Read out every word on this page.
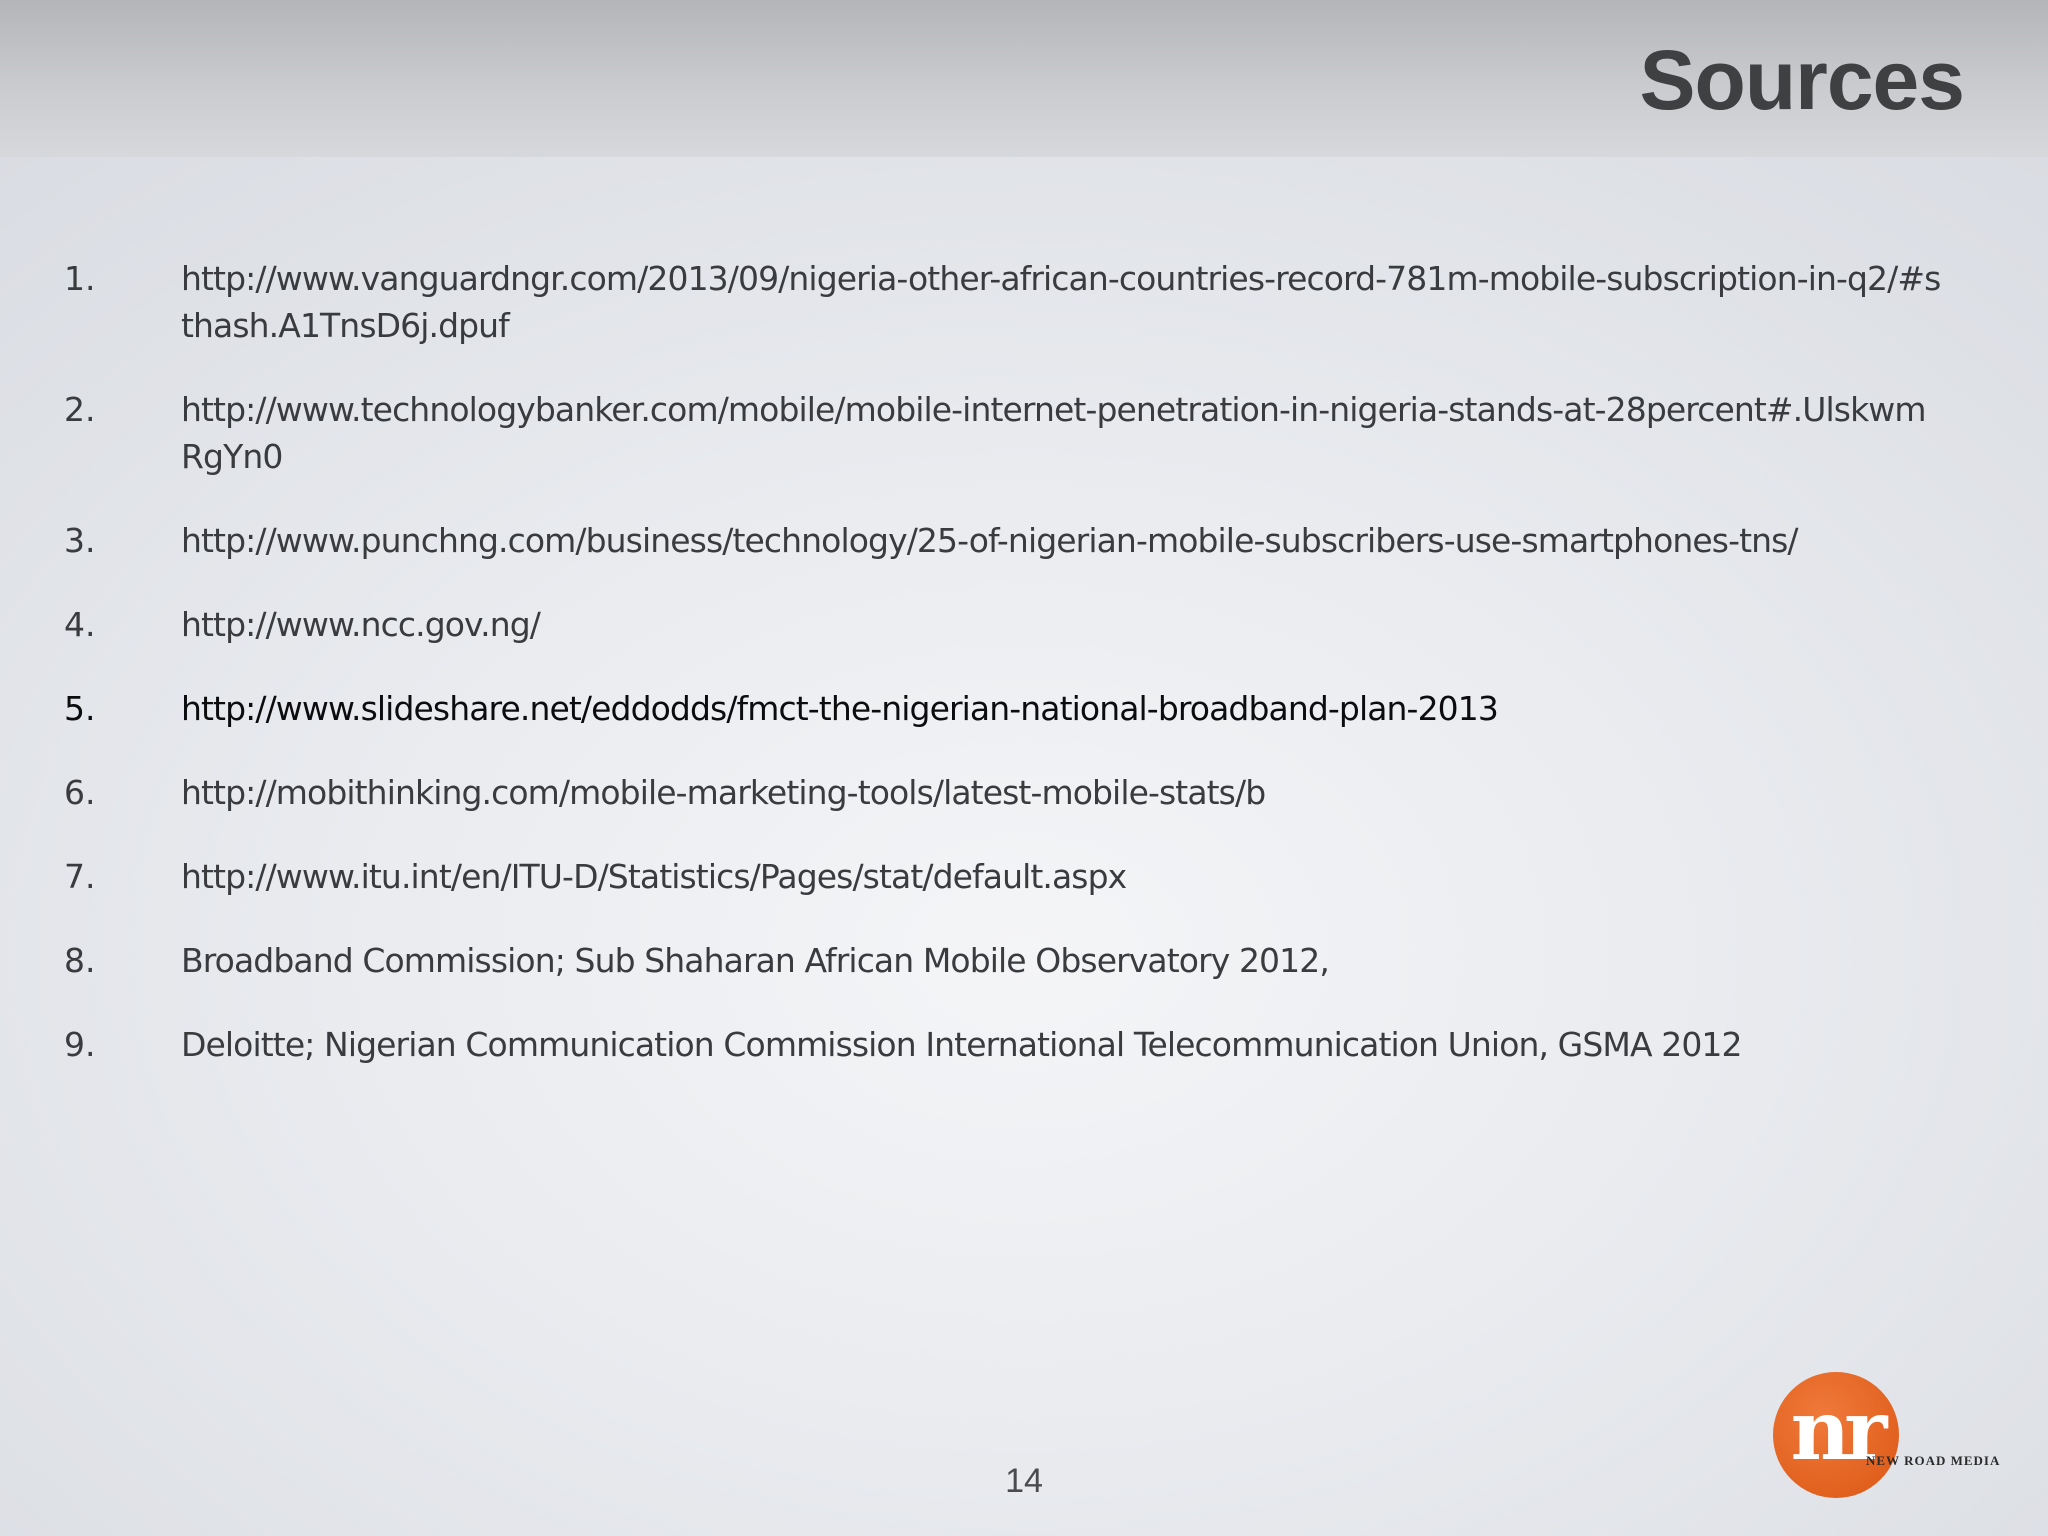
Sources
1.	http://www.vanguardngr.com/2013/09/nigeria-other-african-countries-record-781m-mobile-subscription-in-q2/#sthash.A1TnsD6j.dpuf
2.	http://www.technologybanker.com/mobile/mobile-internet-penetration-in-nigeria-stands-at-28percent#.UlskwmRgYn0
3.	http://www.punchng.com/business/technology/25-of-nigerian-mobile-subscribers-use-smartphones-tns/
4.	http://www.ncc.gov.ng/
5.	http://www.slideshare.net/eddodds/fmct-the-nigerian-national-broadband-plan-2013
6.	http://mobithinking.com/mobile-marketing-tools/latest-mobile-stats/b
7.	http://www.itu.int/en/ITU-D/Statistics/Pages/stat/default.aspx
8.	Broadband Commission; Sub Shaharan African Mobile Observatory 2012,
9.	Deloitte; Nigerian Communication Commission International Telecommunication Union, GSMA 2012
14
nr
NEW ROAD MEDIA
